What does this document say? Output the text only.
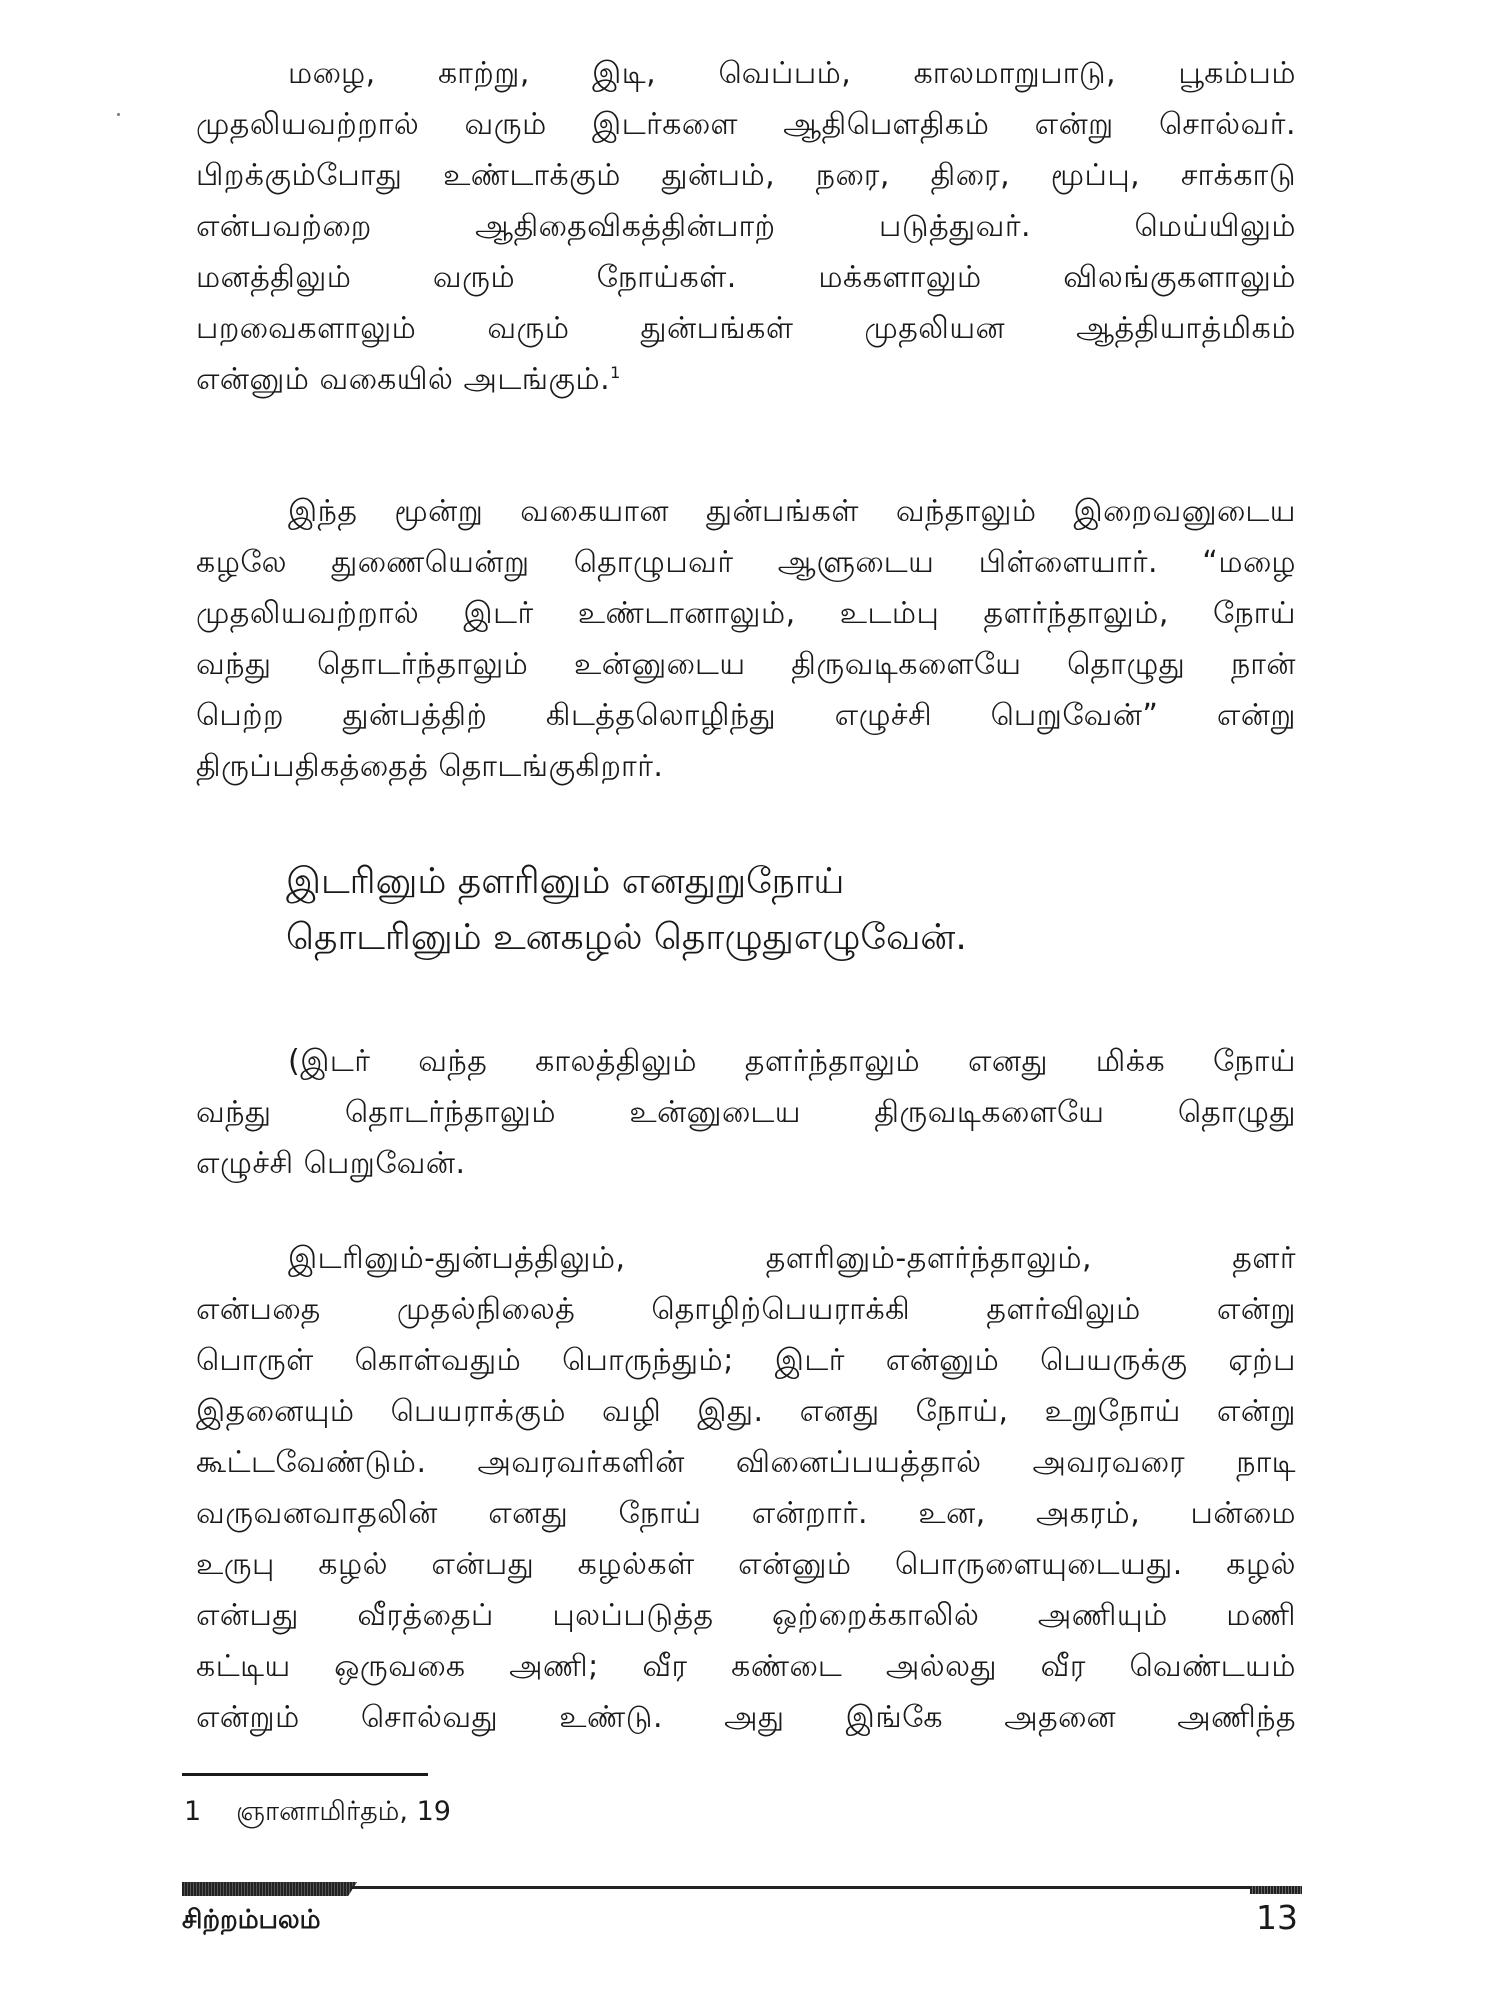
மழை, காற்று, இடி, வெப்பம், காலமாறுபாடு, பூகம்பம்
முதலியவற்றால் வரும் இடர்களை ஆதிபௌதிகம் என்று சொல்வர்.
பிறக்கும்போது உண்டாக்கும் துன்பம், நரை, திரை, மூப்பு, சாக்காடு
என்பவற்றை ஆதிதைவிகத்தின்பாற் படுத்துவர். மெய்யிலும்
மனத்திலும் வரும் நோய்கள். மக்களாலும் விலங்குகளாலும்
பறவைகளாலும் வரும் துன்பங்கள் முதலியன ஆத்தியாத்மிகம்
என்னும் வகையில் அடங்கும்.$^1$

இந்த மூன்று வகையான துன்பங்கள் வந்தாலும் இறைவனுடைய
கழலே துணையென்று தொழுபவர் ஆளுடைய பிள்ளையார். “மழை
முதலியவற்றால் இடர் உண்டானாலும், உடம்பு தளர்ந்தாலும், நோய்
வந்து தொடர்ந்தாலும் உன்னுடைய திருவடிகளையே தொழுது நான்
பெற்ற துன்பத்திற் கிடத்தலொழிந்து எழுச்சி பெறுவேன்” என்று
திருப்பதிகத்தைத் தொடங்குகிறார்.

இடரினும் தளரினும் எனதுறுநோய்
தொடரினும் உனகழல் தொழுதுஎழுவேன்.

(இடர் வந்த காலத்திலும் தளர்ந்தாலும் எனது மிக்க நோய்
வந்து தொடர்ந்தாலும் உன்னுடைய திருவடிகளையே தொழுது
எழுச்சி பெறுவேன்.

இடரினும்-துன்பத்திலும், தளரினும்-தளர்ந்தாலும், தளர்
என்பதை முதல்நிலைத் தொழிற்பெயராக்கி தளர்விலும் என்று
பொருள் கொள்வதும் பொருந்தும்; இடர் என்னும் பெயருக்கு ஏற்ப
இதனையும் பெயராக்கும் வழி இது. எனது நோய், உறுநோய் என்று
கூட்டவேண்டும். அவரவர்களின் வினைப்பயத்தால் அவரவரை நாடி
வருவனவாதலின் எனது நோய் என்றார். உன, அகரம், பன்மை
உருபு கழல் என்பது கழல்கள் என்னும் பொருளையுடையது. கழல்
என்பது வீரத்தைப் புலப்படுத்த ஒற்றைக்காலில் அணியும் மணி
கட்டிய ஒருவகை அணி; வீர கண்டை அல்லது வீர வெண்டயம்
என்றும் சொல்வது உண்டு. அது இங்கே அதனை அணிந்த

1 ஞானாமிர்தம், 19
சிற்றம்பலம்	13
